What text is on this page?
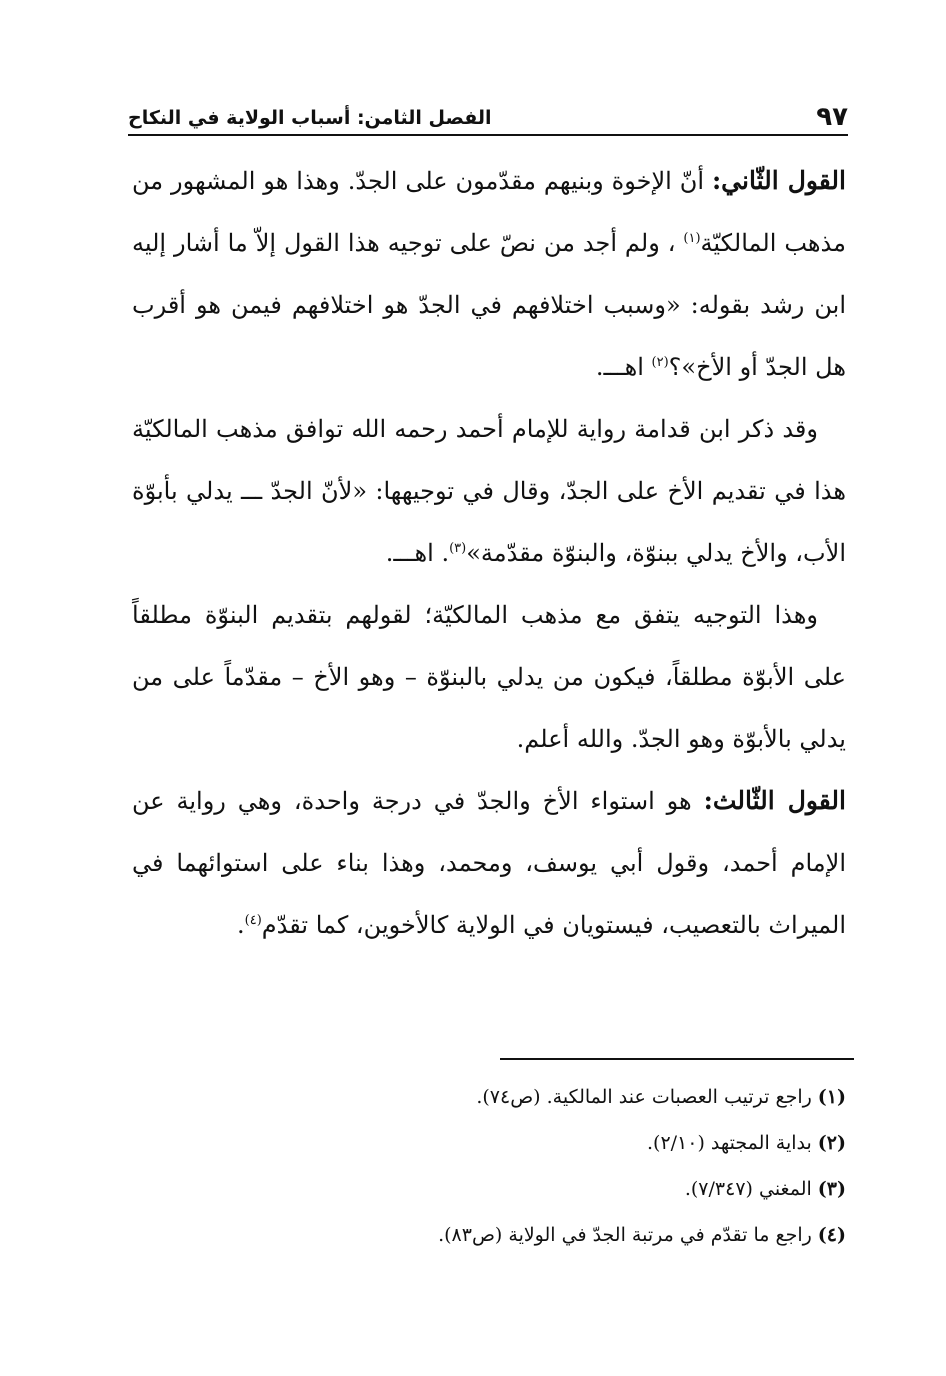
٩٧
الفصل الثامن: أسباب الولاية في النكاح

القول الثّاني: أنّ الإخوة وبنيهم مقدّمون على الجدّ. وهذا هو المشهور من مذهب المالكيّة$^{(١)}$ ، ولم أجد من نصّ على توجيه هذا القول إلاّ ما أشار إليه ابن رشد بقوله: «وسبب اختلافهم في الجدّ هو اختلافهم فيمن هو أقرب هل الجدّ أو الأخ»؟$^{(٢)}$ اهـــ.

وقد ذكر ابن قدامة رواية للإمام أحمد رحمه الله توافق مذهب المالكيّة هذا في تقديم الأخ على الجدّ، وقال في توجيهها: «لأنّ الجدّ ـــ يدلي بأبوّة الأب، والأخ يدلي ببنوّة، والبنوّة مقدّمة»$^{(٣)}$. اهـــ.

وهذا التوجيه يتفق مع مذهب المالكيّة؛ لقولهم بتقديم البنوّة مطلقاً على الأبوّة مطلقاً، فيكون من يدلي بالبنوّة – وهو الأخ – مقدّماً على من يدلي بالأبوّة وهو الجدّ. والله أعلم.

القول الثّالث: هو استواء الأخ والجدّ في درجة واحدة، وهي رواية عن الإمام أحمد، وقول أبي يوسف، ومحمد، وهذا بناء على استوائهما في الميراث بالتعصيب، فيستويان في الولاية كالأخوين، كما تقدّم$^{(٤)}$.

(١)راجع ترتيب العصبات عند المالكية. (ص٧٤).
(٢)بداية المجتهد (٢/١٠).
(٣)المغني (٧/٣٤٧).
(٤)راجع ما تقدّم في مرتبة الجدّ في الولاية (ص٨٣).
